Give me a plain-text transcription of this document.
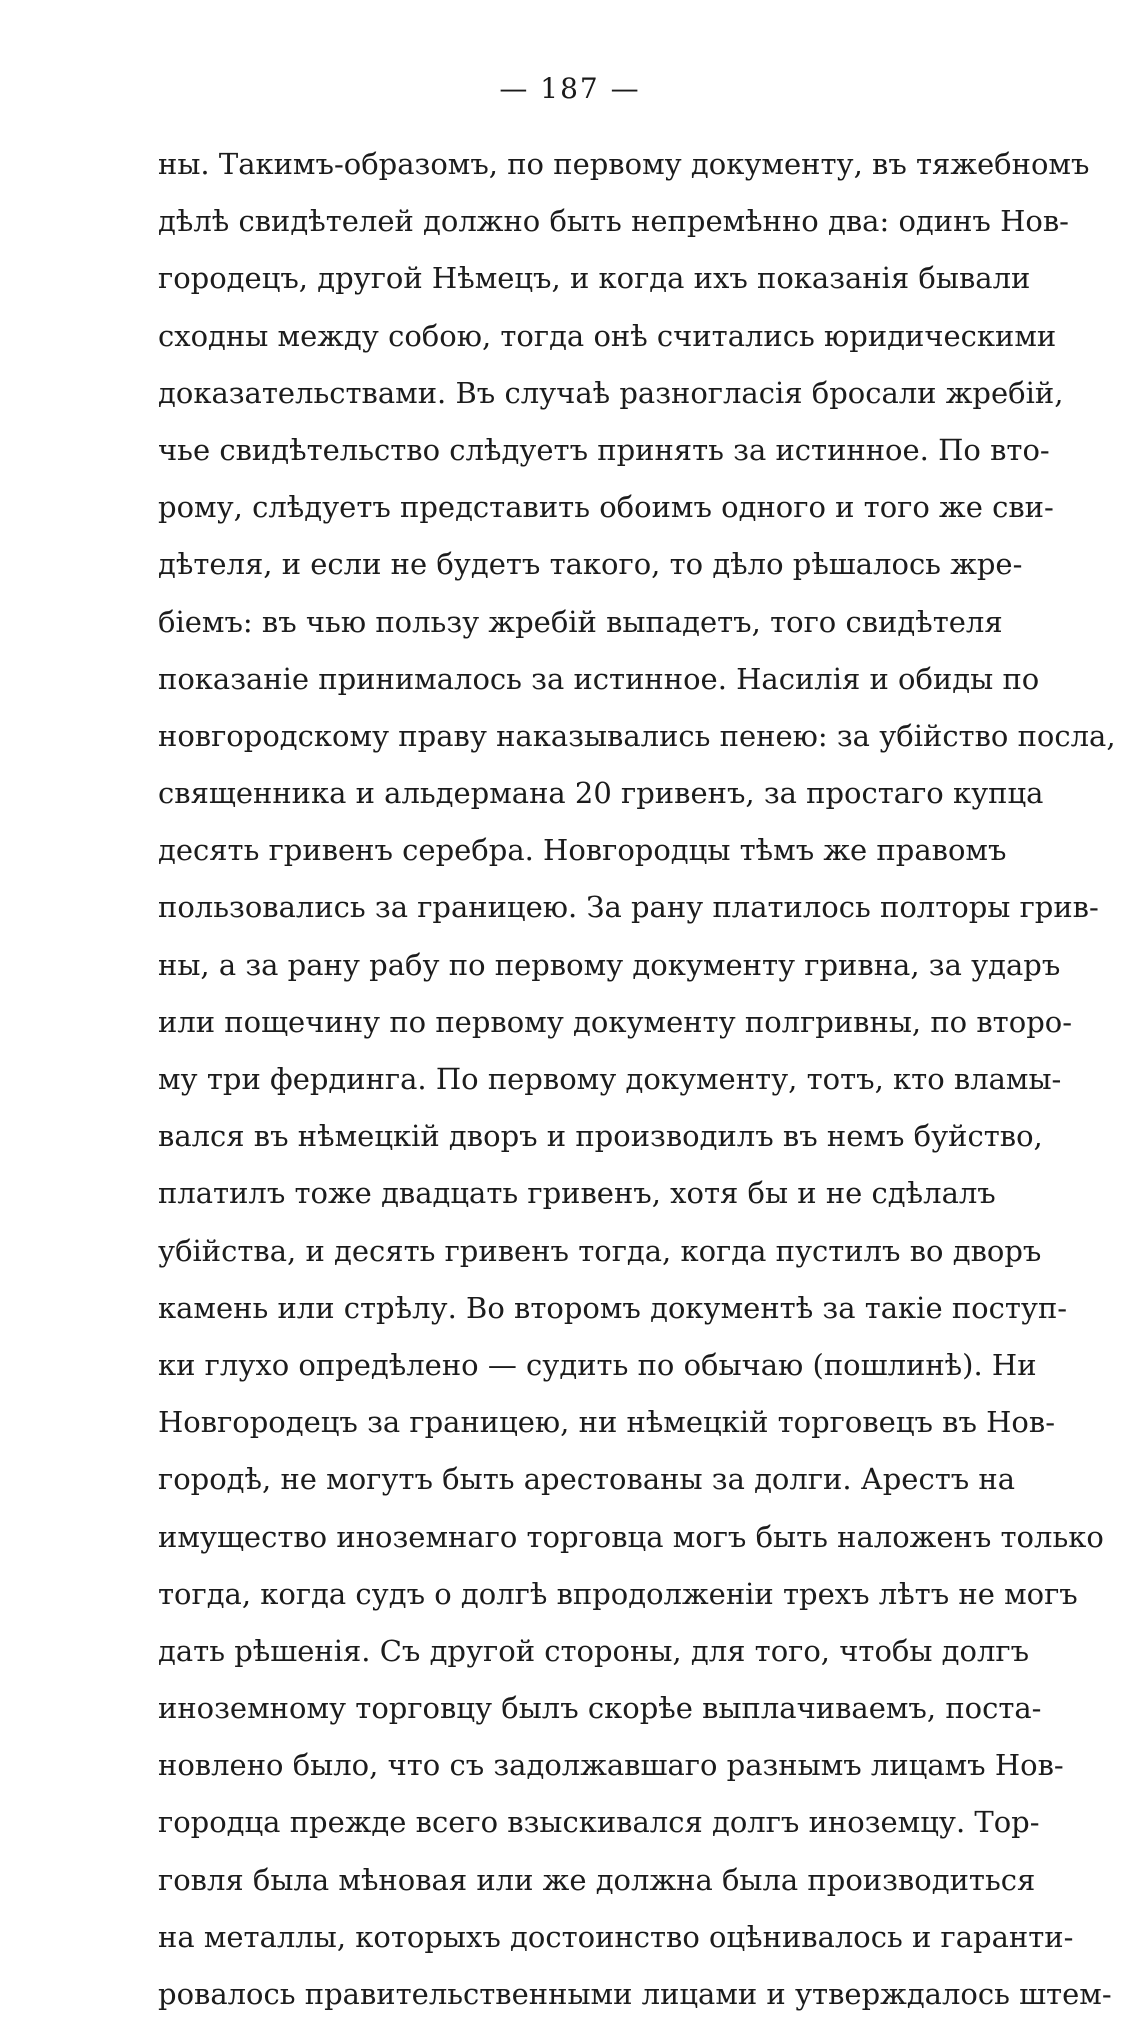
— 187 —
ны. Такимъ-образомъ, по первому документу, въ тяжебномъ
дѣлѣ свидѣтелей должно быть непремѣнно два: одинъ Нов-
городецъ, другой Нѣмецъ, и когда ихъ показанія бывали
сходны между собою, тогда онѣ считались юридическими
доказательствами. Въ случаѣ разногласія бросали жребій,
чье свидѣтельство слѣдуетъ принять за истинное. По вто-
рому, слѣдуетъ представить обоимъ одного и того же сви-
дѣтеля, и если не будетъ такого, то дѣло рѣшалось жре-
біемъ: въ чью пользу жребій выпадетъ, того свидѣтеля
показаніе принималось за истинное. Насилія и обиды по
новгородскому праву наказывались пенею: за убійство посла,
священника и альдермана 20 гривенъ, за простаго купца
десять гривенъ серебра. Новгородцы тѣмъ же правомъ
пользовались за границею. За рану платилось полторы грив-
ны, а за рану рабу по первому документу гривна, за ударъ
или пощечину по первому документу полгривны, по второ-
му три фердинга. По первому документу, тотъ, кто вламы-
вался въ нѣмецкій дворъ и производилъ въ немъ буйство,
платилъ тоже двадцать гривенъ, хотя бы и не сдѣлалъ
убійства, и десять гривенъ тогда, когда пустилъ во дворъ
камень или стрѣлу. Во второмъ документѣ за такіе поступ-
ки глухо опредѣлено — судить по обычаю (пошлинѣ). Ни
Новгородецъ за границею, ни нѣмецкій торговецъ въ Нов-
городѣ, не могутъ быть арестованы за долги. Арестъ на
имущество иноземнаго торговца могъ быть наложенъ только
тогда, когда судъ о долгѣ впродолженіи трехъ лѣтъ не могъ
дать рѣшенія. Съ другой стороны, для того, чтобы долгъ
иноземному торговцу былъ скорѣе выплачиваемъ, поста-
новлено было, что съ задолжавшаго разнымъ лицамъ Нов-
городца прежде всего взыскивался долгъ иноземцу. Тор-
говля была мѣновая или же должна была производиться
на металлы, которыхъ достоинство оцѣнивалось и гаранти-
ровалось правительственными лицами и утверждалось штем-
